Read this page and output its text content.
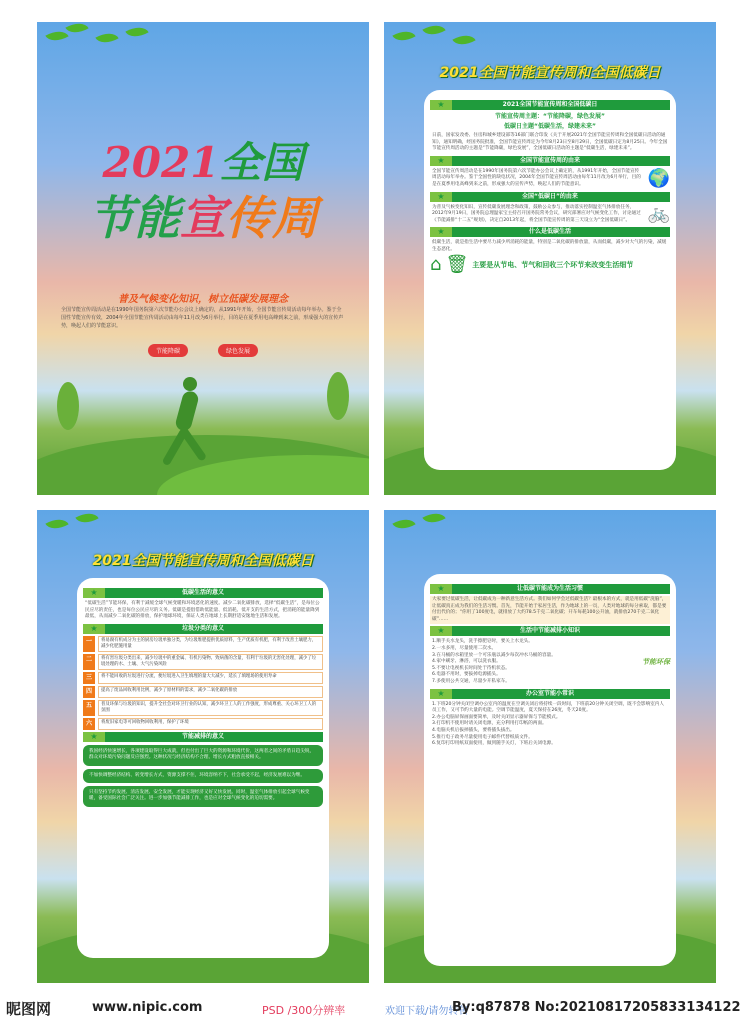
2021全国
节能宣传周
普及气候变化知识，树立低碳发展理念
全国节能宣传周活动是在1990年国务院第六次节能办公会议上确定的，从1991年开始，全国节能宣传周活动每年举办。鉴于全国性节能宣传有效，2004年全国节能宣传周活动由每年11月改为6月举行，目的是在夏季用电高峰到来之前，形成强大的宣传声势，唤起人们的节能意识。
节能降碳	绿色发展
2021全国节能宣传周和全国低碳日
★	2021全国节能宣传周和全国低碳日
节能宣传周主题：“节能降碳，绿色发展”
低碳日主题“低碳生活，绿建未来”
日前，国家发改委、住房和城乡建设部等16部门联合印发《关于开展2021年全国节能宣传周和全国低碳日活动的通知》，通知明确，经国务院批准，全国节能宣传周定为今年8月23日至8月29日，全国低碳日定为8月25日。今年全国节能宣传周活动的主题是“节能降碳，绿色发展”，全国低碳日活动的主题是“低碳生活，绿建未来”。
★	全国节能宣传周的由来
全国节能宣传周活动是在1990年国务院第六次节能办公会议上确定的，从1991年开始，全国节能宣传周活动每年举办。鉴于全国性的缺电状况，2004年全国节能宣传周活动由每年11月改为6月举行，目的是在夏季用电高峰到来之前，形成强大的宣传声势，唤起人们的节能意识。	🌍
★	全国“低碳日”的由来
为普及气候变化知识，宣传低碳发展理念和政策，鼓励公众参与，推动落实控制温室气体排放任务，2012年9月19日，国务院总理温家宝主持召开国务院常务会议，研究部署应对气候变化工作，讨论通过《节能减排“十二五”规划》，决定自2013年起，将全国节能宣传周的第三天设立为“全国低碳日”。 🚲
★	什么是低碳生活
低碳生活，就是指生活中要尽力减少所消耗的能量，特别是二氧化碳的排放量，从而低碳，减少对大气的污染，减缓生态恶化。
⌂ 🗑 主要是从节电、节气和回收三个环节来改变生活细节
2021全国节能宣传周和全国低碳日
★	低碳生活的意义
“低碳生活”节能环保，有利于减缓全球气候变暖和环境恶化的速度。减少二氧化碳排放，选择“低碳生活”，是每位公民应尽的责任，也是每位公民应尽的义务。低碳是提倡借助低能量、低消耗、低开支的生活方式，把消耗的能量降到最低，从而减少二氧化碳的排放，保护地球环境，保证人类在地球上长期舒适安逸地生活和发展。
★	垃圾分类的意义
一	将易腐有机成分为主的厨房垃圾单独分类，为垃圾堆肥提供优质原料，生产优质有机肥，有利于改善土壤肥力，减少化肥施用量
二	将有害垃圾分类出来，减少垃圾中的重金属、有机污染物、致病菌的含量，有利于垃圾的无害化处理，减少了垃圾处理的水、土壤、大气污染风险
三	将不能回收的垃圾进行分流，便垃圾进入卫生填埋的量大大减少，延长了填埋场的使用寿命
四	提高了废品回收利用比例，减少了原材料的需求，减少二氧化碳的排放
五	普及环保与垃圾的知识，提升全社会对环卫行业的认知，减少环卫工人的工作强度，形成尊重、关心环卫工人的氛围
六	将废旧家电等可回收物回收利用，保护了环境
★	节能减排的意义
我国经济快速增长，各项建设取得巨大成就，但也付出了巨大的资源和环境代价，这两者之间的矛盾日趋尖锐，群众对环境污染问题反应强烈。这种状况与经济结构不合理、增长方式粗放直接相关。
不加快调整经济结构、转变增长方式，资源支撑不住，环境容纳不下，社会承受不起，经济发展难以为继。
只有坚持节约发展、清洁发展、安全发展，才能实现经济又好又快发展。同时，温室气体排放引起全球气候变暖，备受国际社会广泛关注。进一步加强节能减排工作，也是应对全球气候变化的迫切需要。
★	让低碳节能成为生活习惯
大家要过低碳生活，让低碳成为一种新意生活方式。我们如何学会过低碳生活？最根本的方式，就是用低碳“洗脑”，让低碳真正成为我们的生活习惯。首先，节能开始于家居生活，作为地球上的一员，人类对地球的每分索取，都是要付出代价的；“你用了100度电，就排放了大约78.5千克二氧化碳；开车每耗100公升油，就排放270千克二氧化碳”……
★	生活中节能减排小知识
1.顺手关水龙头，洗手擦肥皂时，要关上水龙头。
2.一水多用，尽量使用二次水。
3.在马桶的水箱里放一个可乐瓶以减少每次冲水马桶的容量。
4.家中刷牙、淋浴，可以洗衣服。
5.不要让电视机长时间处于待机状态。
6.电器不用时，要拔掉电源插头。
7.多使用公共交通，尽量少开私家车。
节能环保
★	办公室节能小常识
1.下班20分钟关闭空调办公室内的温度在空调关闭后将持续一段时间，下班前20分钟关闭空调，既不会影响室内人员工作，又可节约大量的电能。空调节能温度，夏天保持在26度，冬天20度。
2.办公电脑屏保画面要简单，及时关闭显示器屏保与节能模式。
3.打印机不使用时请关闭电源，充分利用打印纸的两面。
4.电脑关机后拔掉插头，要将插头拔出。
5.推行电子政务尽量使用电子邮件代替纸质文件。
6.复印打印用纸双面使用，做到随手关灯，下班后关闭电源。
昵图网	www.nipic.com	PSD /300分辨率	欢迎下载/请勿转售
By:q87878 No:20210817205833134122
